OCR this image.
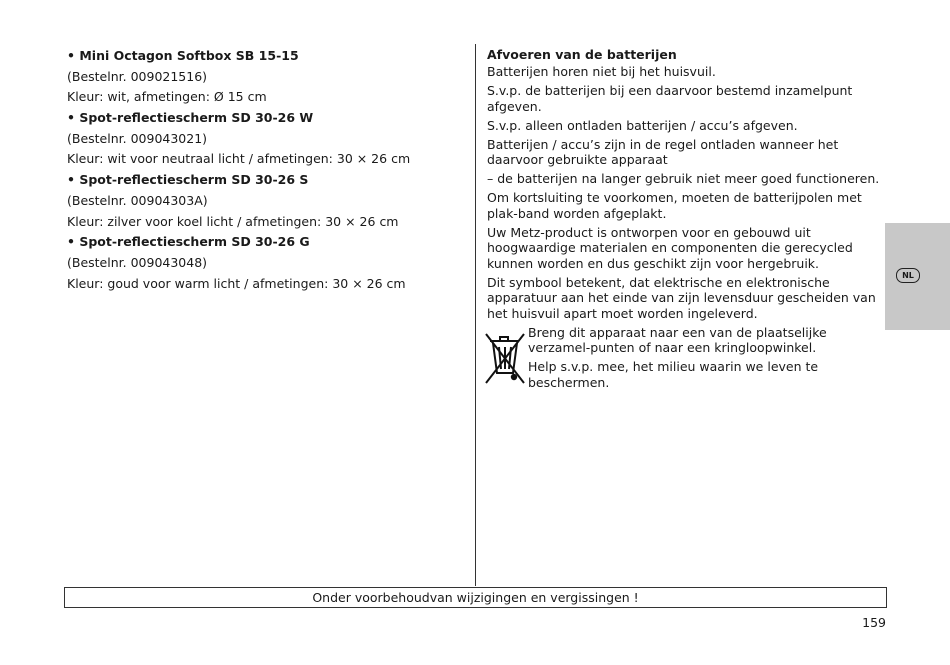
• Mini Octagon Softbox SB 15-15
(Bestelnr. 009021516)
Kleur: wit, afmetingen: Ø 15 cm
• Spot-reflectiescherm SD 30-26 W
(Bestelnr. 009043021)
Kleur: wit voor neutraal licht / afmetingen: 30 × 26 cm
• Spot-reflectiescherm SD 30-26 S
(Bestelnr. 00904303A)
Kleur: zilver voor koel licht / afmetingen: 30 × 26 cm
• Spot-reflectiescherm SD 30-26 G
(Bestelnr. 009043048)
Kleur: goud voor warm licht / afmetingen: 30 × 26 cm
Afvoeren van de batterijen
Batterijen horen niet bij het huisvuil.
S.v.p. de batterijen bij een daarvoor bestemd inzamelpunt afgeven.
S.v.p. alleen ontladen batterijen / accu’s afgeven.
Batterijen / accu’s zijn in de regel ontladen wanneer het daarvoor gebruikte apparaat
– de batterijen na langer gebruik niet meer goed functioneren.
Om kortsluiting te voorkomen, moeten de batterijpolen met plak-band worden afgeplakt.
Uw Metz-product is ontworpen voor en gebouwd uit hoogwaardige materialen en componenten die gerecycled kunnen worden en dus geschikt zijn voor hergebruik.
Dit symbool betekent, dat elektrische en elektronische apparatuur aan het einde van zijn levensduur gescheiden van het huisvuil apart moet worden ingeleverd.
Breng dit apparaat naar een van de plaatselijke verzamel-punten of naar een kringloopwinkel.
Help s.v.p. mee, het milieu waarin we leven te beschermen.
NL
Onder voorbehoudvan wijzigingen en vergissingen !
159
